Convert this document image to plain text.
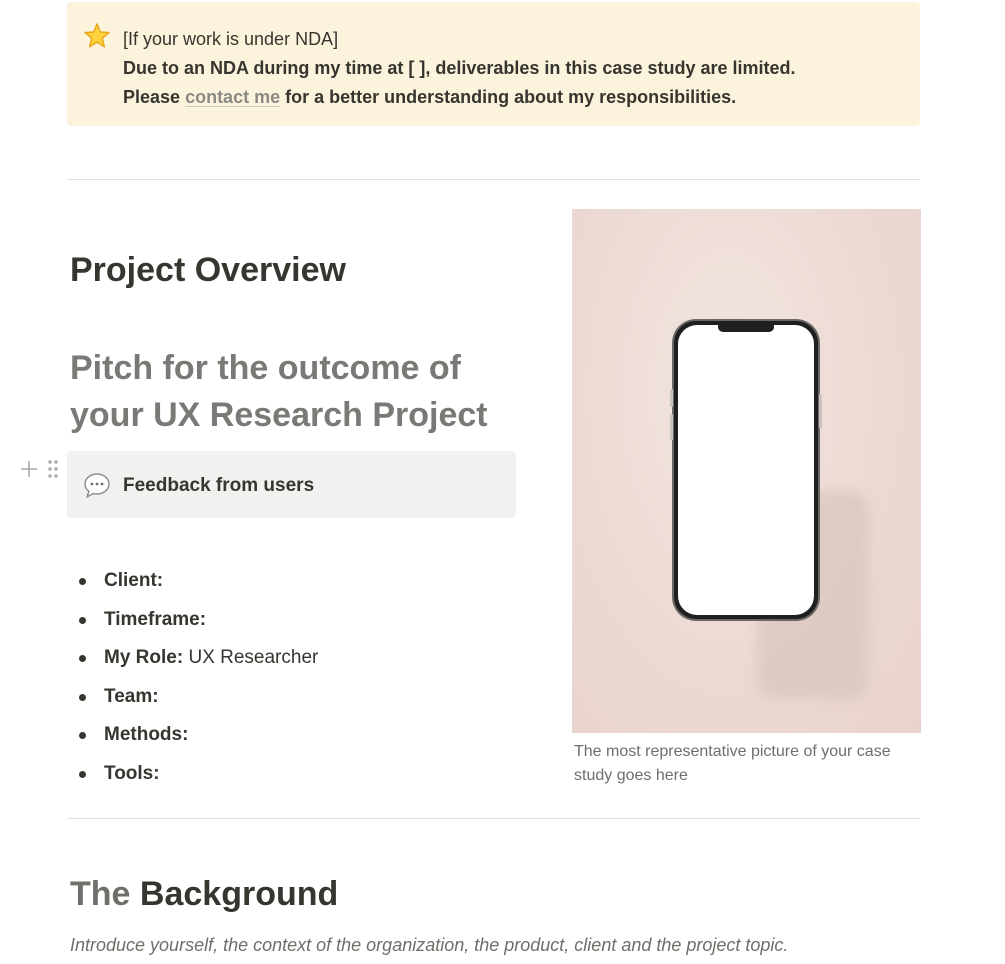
[If your work is under NDA]
Due to an NDA during my time at [ ], deliverables in this case study are limited.
Please contact me for a better understanding about my responsibilities.
Project Overview
Pitch for the outcome of your UX Research Project
Feedback from users
Client:
Timeframe:
My Role: UX Researcher
Team:
Methods:
Tools:
The most representative picture of your case study goes here
The Background
Introduce yourself, the context of the organization, the product, client and the project topic.
